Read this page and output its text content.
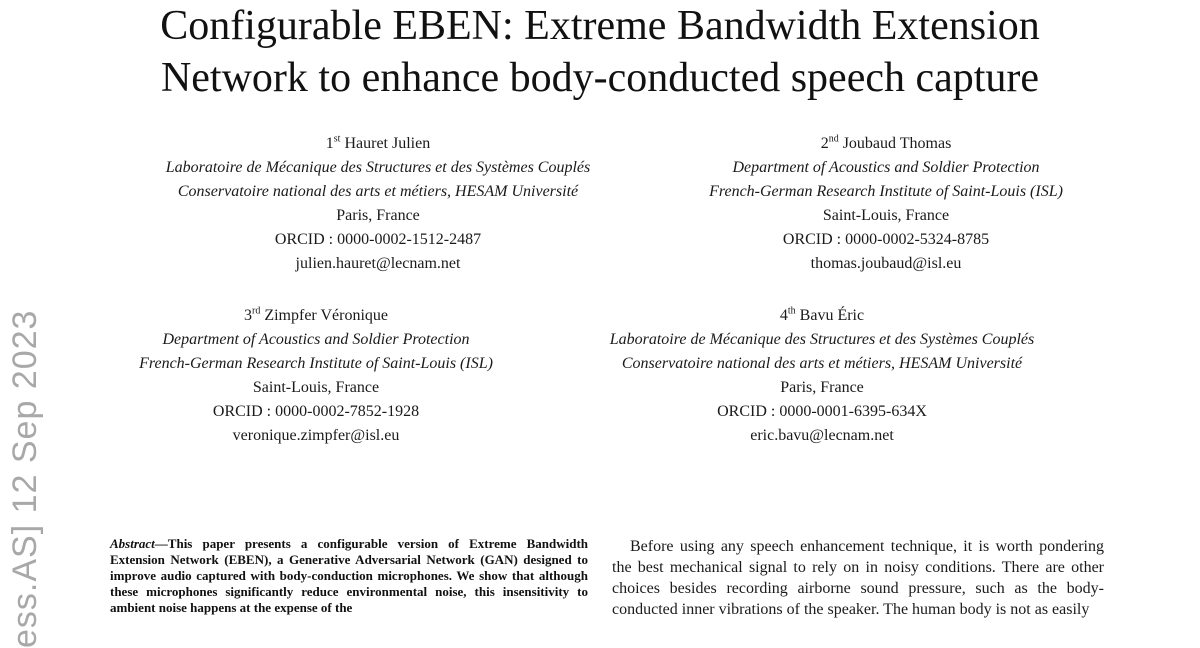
Configurable EBEN: Extreme Bandwidth Extension
Network to enhance body-conducted speech capture
1st Hauret Julien
Laboratoire de Mécanique des Structures et des Systèmes Couplés
Conservatoire national des arts et métiers, HESAM Université
Paris, France
ORCID : 0000-0002-1512-2487
julien.hauret@lecnam.net
2nd Joubaud Thomas
Department of Acoustics and Soldier Protection
French-German Research Institute of Saint-Louis (ISL)
Saint-Louis, France
ORCID : 0000-0002-5324-8785
thomas.joubaud@isl.eu
3rd Zimpfer Véronique
Department of Acoustics and Soldier Protection
French-German Research Institute of Saint-Louis (ISL)
Saint-Louis, France
ORCID : 0000-0002-7852-1928
veronique.zimpfer@isl.eu
4th Bavu Éric
Laboratoire de Mécanique des Structures et des Systèmes Couplés
Conservatoire national des arts et métiers, HESAM Université
Paris, France
ORCID : 0000-0001-6395-634X
eric.bavu@lecnam.net
ess.AS] 12 Sep 2023	Abstract—This paper presents a configurable version of Extreme Bandwidth Extension Network (EBEN), a Generative Adversarial Network (GAN) designed to improve audio captured with body-conduction microphones. We show that although these microphones significantly reduce environmental noise, this insensitivity to ambient noise happens at the expense of the

Before using any speech enhancement technique, it is worth pondering the best mechanical signal to rely on in noisy conditions. There are other choices besides recording airborne sound pressure, such as the body-conducted inner vibrations of the speaker. The human body is not as easily
